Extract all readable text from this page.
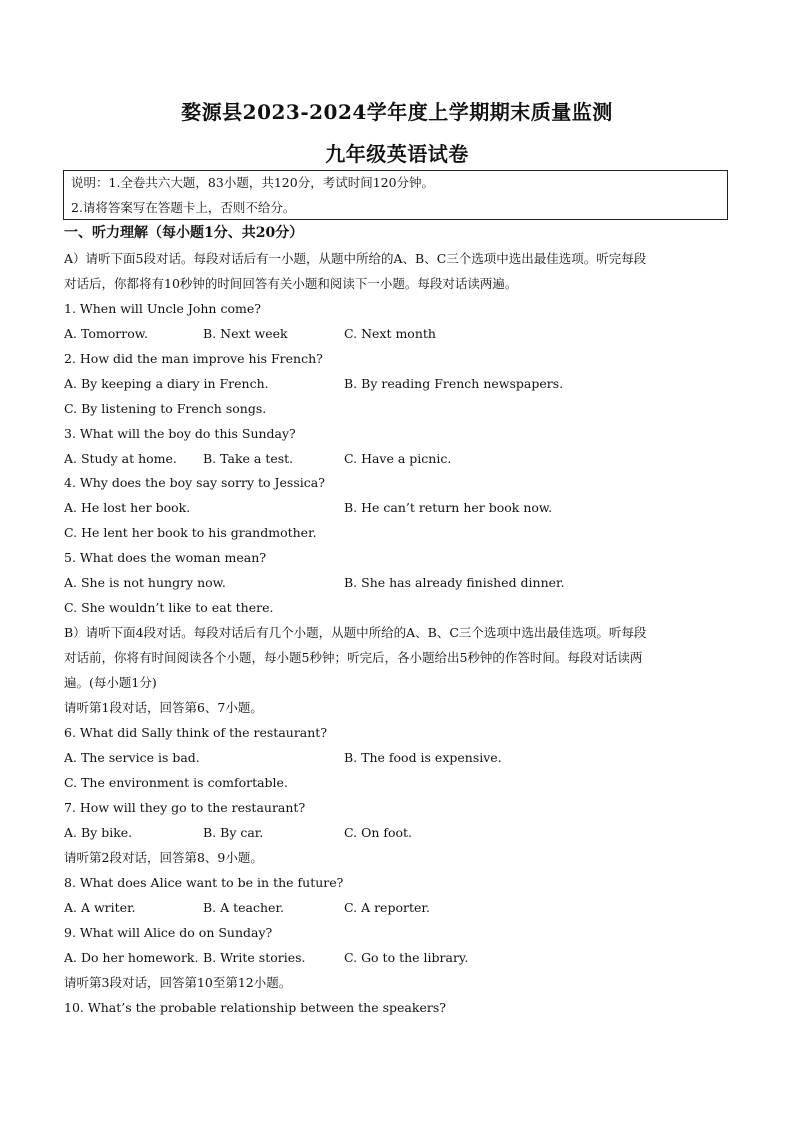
婺源县2023-2024学年度上学期期末质量监测
九年级英语试卷
说明：1.全卷共六大题，83小题，共120分，考试时间120分钟。
2.请将答案写在答题卡上，否则不给分。
一、听力理解（每小题1分、共20分）
A）请听下面5段对话。每段对话后有一小题，从题中所给的A、B、C三个选项中选出最佳选项。听完每段
对话后，你都将有10秒钟的时间回答有关小题和阅读下一小题。每段对话读两遍。
1. When will Uncle John come?
A. Tomorrow.	B. Next week	C. Next month
2. How did the man improve his French?
A. By keeping a diary in French.	B. By reading French newspapers.
C. By listening to French songs.
3. What will the boy do this Sunday?
A. Study at home. B. Take a test.	C. Have a picnic.
4. Why does the boy say sorry to Jessica?
A. He lost her book.	B. He can’t return her book now.
C. He lent her book to his grandmother.
5. What does the woman mean?
A. She is not hungry now.	B. She has already finished dinner.
C. She wouldn’t like to eat there.
B）请听下面4段对话。每段对话后有几个小题，从题中所给的A、B、C三个选项中选出最佳选项。听每段
对话前，你将有时间阅读各个小题，每小题5秒钟；听完后，各小题给出5秒钟的作答时间。每段对话读两
遍。(每小题1分)
请听第1段对话，回答第6、7小题。
6. What did Sally think of the restaurant?
A. The service is bad.	B. The food is expensive.
C. The environment is comfortable.
7. How will they go to the restaurant?
A. By bike.	B. By car.	C. On foot.
请听第2段对话，回答第8、9小题。
8. What does Alice want to be in the future?
A. A writer.	B. A teacher.	C. A reporter.
9. What will Alice do on Sunday?
A. Do her homework. B. Write stories.	C. Go to the library.
请听第3段对话，回答第10至第12小题。
10. What’s the probable relationship between the speakers?
